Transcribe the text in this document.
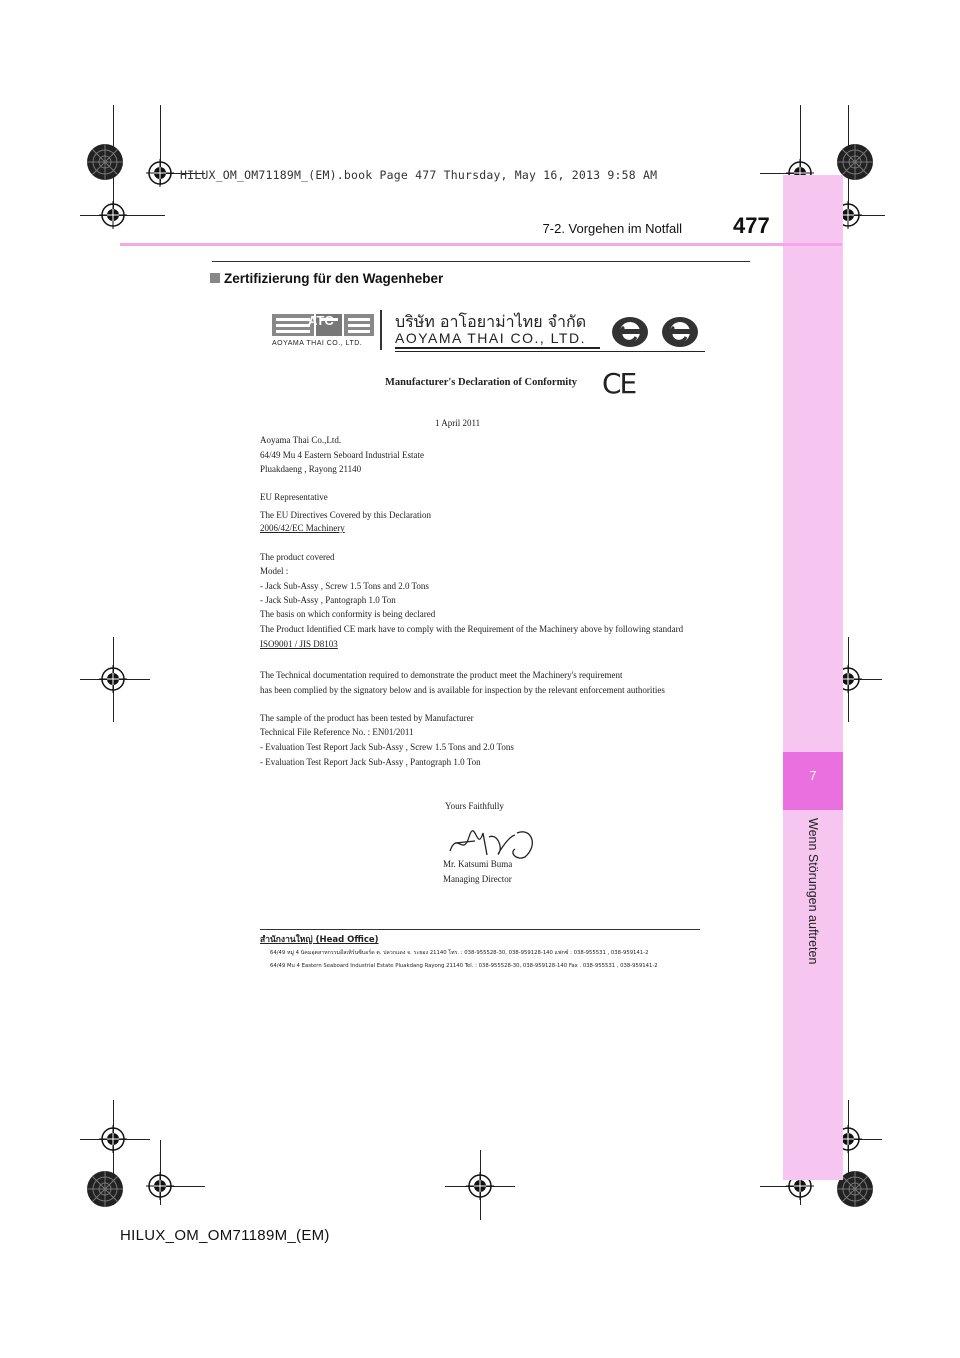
HILUX_OM_OM71189M_(EM).book Page 477 Thursday, May 16, 2013 9:58 AM
7
Wenn Störungen auftreten
7-2. Vorgehen im Notfall 477
Zertifizierung für den Wagenheber
ATC
AOYAMA THAI CO., LTD.
บริษัท อาโอยาม่าไทย จำกัด
AOYAMA THAI CO., LTD.
Manufacturer's Declaration of Conformity CE
1 April 2011
Aoyama Thai Co.,Ltd.
64/49 Mu 4 Eastern Seboard Industrial Estate
Pluakdaeng , Rayong 21140
EU Representative
The EU Directives Covered by this Declaration
2006/42/EC Machinery
The product covered
Model :
- Jack Sub-Assy , Screw 1.5 Tons and 2.0 Tons
- Jack Sub-Assy , Pantograph 1.0 Ton
The basis on which conformity is being declared
The Product Identified CE mark have to comply with the Requirement of the Machinery above by following standard
ISO9001 / JIS D8103
The Technical documentation required to demonstrate the product meet the Machinery's requirement
has been complied by the signatory below and is available for inspection by the relevant enforcement authorities
The sample of the product has been tested by Manufacturer
Technical File Reference No. : EN01/2011
- Evaluation Test Report Jack Sub-Assy , Screw 1.5 Tons and 2.0 Tons
- Evaluation Test Report Jack Sub-Assy , Pantograph 1.0 Ton
Yours Faithfully
Mr. Katsumi Buma
Managing Director
สำนักงานใหญ่ (Head Office)
64/49 หมู่ 4 นิคมอุตสาหกรรมอีสเทิร์นซีบอร์ด ต. ปลวกแดง จ. ระยอง 21140 โทร. : 038-955528-30, 038-959128-140 แฟกซ์ : 038-955531 , 038-959141-2
64/49 Mu 4 Eastern Seaboard Industrial Estate Pluakdang Rayong 21140 Tel. : 038-955528-30, 038-959128-140 Fax . 038-955531 , 038-959141-2
HILUX_OM_OM71189M_(EM)
